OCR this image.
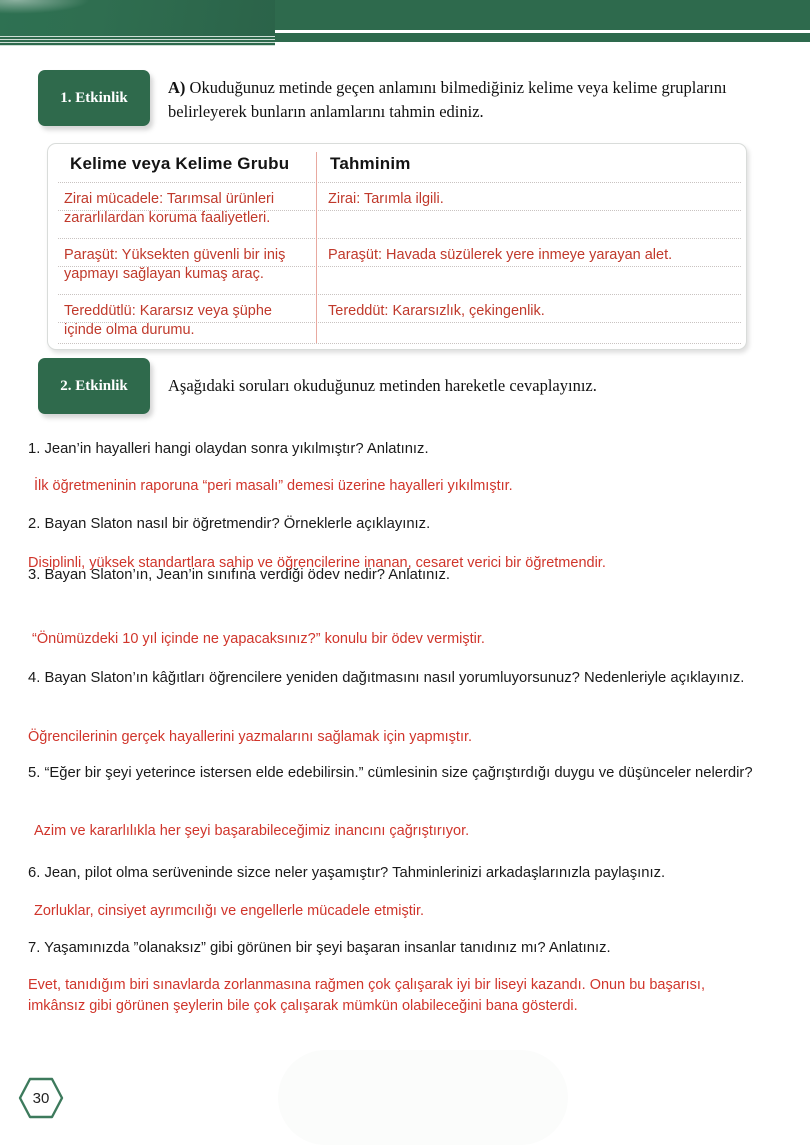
1. Etkinlik
A) Okuduğunuz metinde geçen anlamını bilmediğiniz kelime veya kelime gruplarını belirleyerek bunların anlamlarını tahmin ediniz.
Kelime veya Kelime Grubu Tahminim
Zirai mücadele: Tarımsal ürünleri zararlılardan koruma faaliyetleri.
Zirai: Tarımla ilgili.
Paraşüt: Yüksekten güvenli bir iniş yapmayı sağlayan kumaş araç.
Paraşüt: Havada süzülerek yere inmeye yarayan alet.
Tereddütlü: Kararsız veya şüphe içinde olma durumu.
Tereddüt: Kararsızlık, çekingenlik.
2. Etkinlik Aşağıdaki soruları okuduğunuz metinden hareketle cevaplayınız.
1. Jean’in hayalleri hangi olaydan sonra yıkılmıştır? Anlatınız.
İlk öğretmeninin raporuna “peri masalı” demesi üzerine hayalleri yıkılmıştır.
2. Bayan Slaton nasıl bir öğretmendir? Örneklerle açıklayınız.
Disiplinli, yüksek standartlara sahip ve öğrencilerine inanan, cesaret verici bir öğretmendir.
3. Bayan Slaton’ın, Jean’in sınıfına verdiği ödev nedir? Anlatınız.
“Önümüzdeki 10 yıl içinde ne yapacaksınız?” konulu bir ödev vermiştir.
4. Bayan Slaton’ın kâğıtları öğrencilere yeniden dağıtmasını nasıl yorumluyorsunuz? Nedenleriyle açıklayınız.
Öğrencilerinin gerçek hayallerini yazmalarını sağlamak için yapmıştır.
5. “Eğer bir şeyi yeterince istersen elde edebilirsin.” cümlesinin size çağrıştırdığı duygu ve düşünceler nelerdir?
Azim ve kararlılıkla her şeyi başarabileceğimiz inancını çağrıştırıyor.
6. Jean, pilot olma serüveninde sizce neler yaşamıştır? Tahminlerinizi arkadaşlarınızla paylaşınız.
Zorluklar, cinsiyet ayrımcılığı ve engellerle mücadele etmiştir.
7. Yaşamınızda ”olanaksız” gibi görünen bir şeyi başaran insanlar tanıdınız mı? Anlatınız.
Evet, tanıdığım biri sınavlarda zorlanmasına rağmen çok çalışarak iyi bir liseyi kazandı. Onun bu başarısı, imkânsız gibi görünen şeylerin bile çok çalışarak mümkün olabileceğini bana gösterdi.
30
